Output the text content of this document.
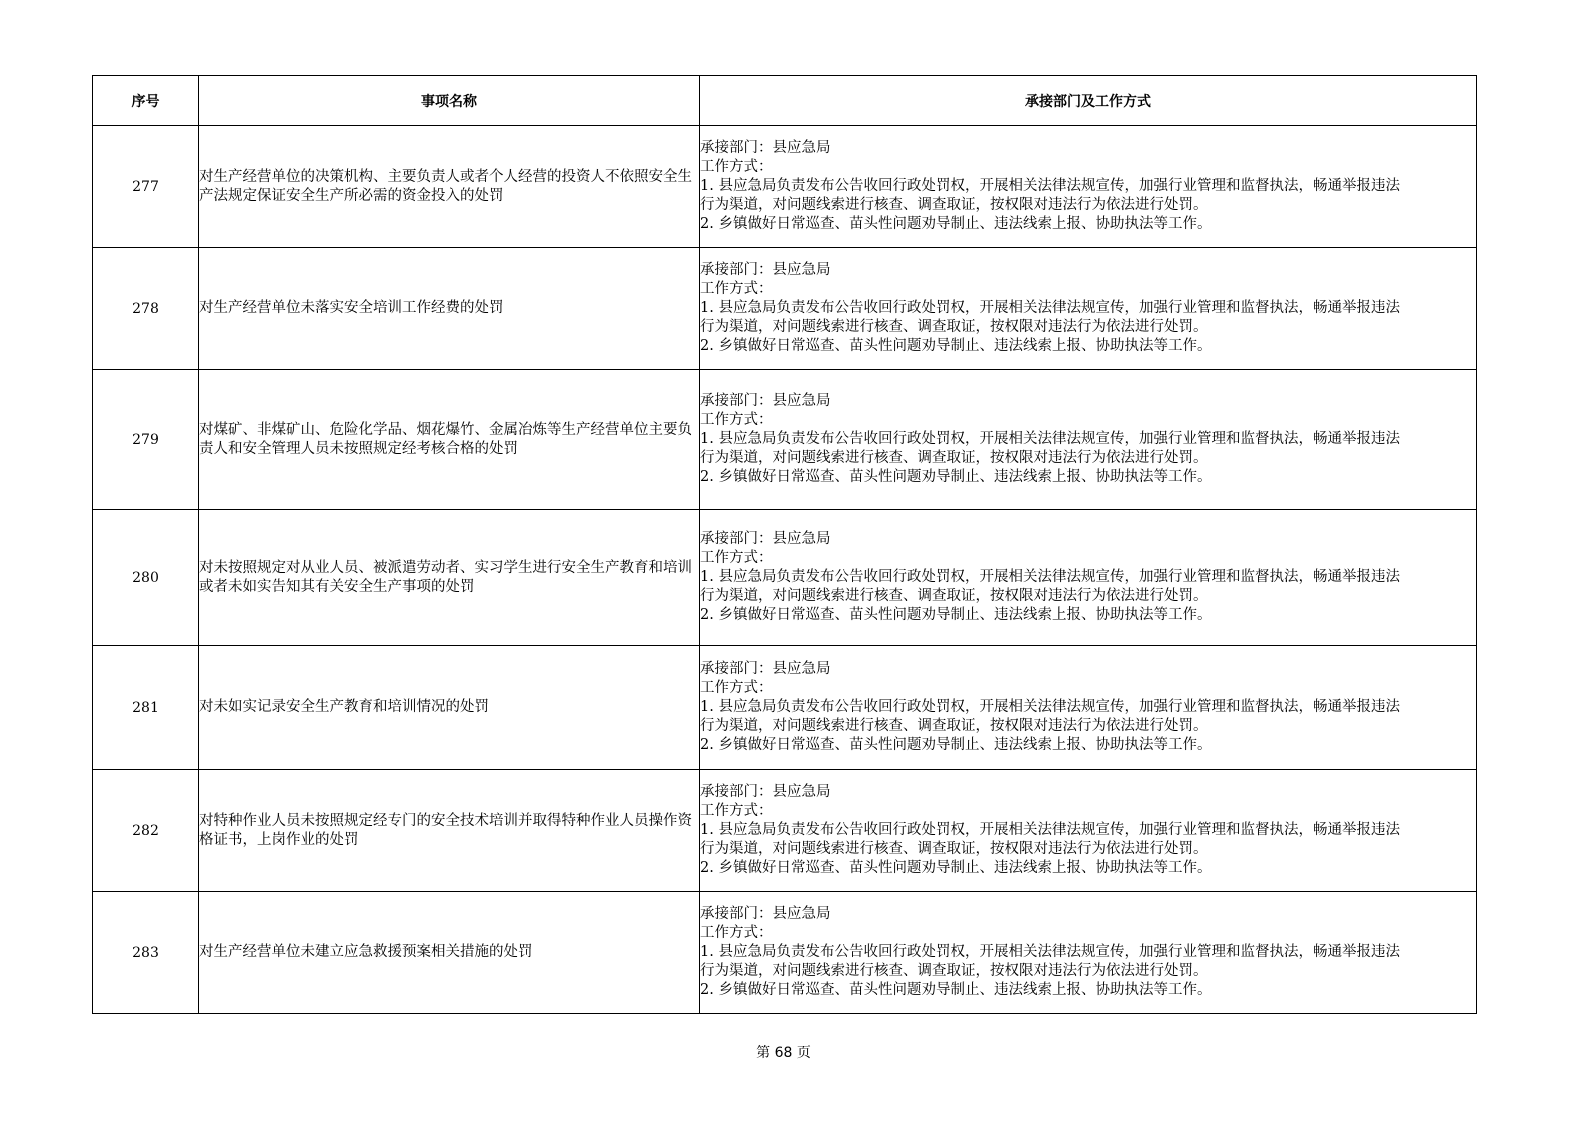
序号	事项名称	承接部门及工作方式
277	对生产经营单位的决策机构、主要负责人或者个人经营的投资人不依照安全生产法规定保证安全生产所必需的资金投入的处罚	承接部门：县应急局
工作方式：
1. 县应急局负责发布公告收回行政处罚权，开展相关法律法规宣传，加强行业管理和监督执法，畅通举报违法
行为渠道，对问题线索进行核查、调查取证，按权限对违法行为依法进行处罚。
2. 乡镇做好日常巡查、苗头性问题劝导制止、违法线索上报、协助执法等工作。

278	对生产经营单位未落实安全培训工作经费的处罚	承接部门：县应急局
工作方式：
1. 县应急局负责发布公告收回行政处罚权，开展相关法律法规宣传，加强行业管理和监督执法，畅通举报违法
行为渠道，对问题线索进行核查、调查取证，按权限对违法行为依法进行处罚。
2. 乡镇做好日常巡查、苗头性问题劝导制止、违法线索上报、协助执法等工作。

279	对煤矿、非煤矿山、危险化学品、烟花爆竹、金属冶炼等生产经营单位主要负责人和安全管理人员未按照规定经考核合格的处罚	承接部门：县应急局
工作方式：
1. 县应急局负责发布公告收回行政处罚权，开展相关法律法规宣传，加强行业管理和监督执法，畅通举报违法
行为渠道，对问题线索进行核查、调查取证，按权限对违法行为依法进行处罚。
2. 乡镇做好日常巡查、苗头性问题劝导制止、违法线索上报、协助执法等工作。

280	对未按照规定对从业人员、被派遣劳动者、实习学生进行安全生产教育和培训或者未如实告知其有关安全生产事项的处罚	承接部门：县应急局
工作方式：
1. 县应急局负责发布公告收回行政处罚权，开展相关法律法规宣传，加强行业管理和监督执法，畅通举报违法
行为渠道，对问题线索进行核查、调查取证，按权限对违法行为依法进行处罚。
2. 乡镇做好日常巡查、苗头性问题劝导制止、违法线索上报、协助执法等工作。

281	对未如实记录安全生产教育和培训情况的处罚	承接部门：县应急局
工作方式：
1. 县应急局负责发布公告收回行政处罚权，开展相关法律法规宣传，加强行业管理和监督执法，畅通举报违法
行为渠道，对问题线索进行核查、调查取证，按权限对违法行为依法进行处罚。
2. 乡镇做好日常巡查、苗头性问题劝导制止、违法线索上报、协助执法等工作。

282	对特种作业人员未按照规定经专门的安全技术培训并取得特种作业人员操作资格证书，上岗作业的处罚	承接部门：县应急局
工作方式：
1. 县应急局负责发布公告收回行政处罚权，开展相关法律法规宣传，加强行业管理和监督执法，畅通举报违法
行为渠道，对问题线索进行核查、调查取证，按权限对违法行为依法进行处罚。
2. 乡镇做好日常巡查、苗头性问题劝导制止、违法线索上报、协助执法等工作。

283	对生产经营单位未建立应急救援预案相关措施的处罚	承接部门：县应急局
工作方式：
1. 县应急局负责发布公告收回行政处罚权，开展相关法律法规宣传，加强行业管理和监督执法，畅通举报违法
行为渠道，对问题线索进行核查、调查取证，按权限对违法行为依法进行处罚。
2. 乡镇做好日常巡查、苗头性问题劝导制止、违法线索上报、协助执法等工作。
第 68 页
